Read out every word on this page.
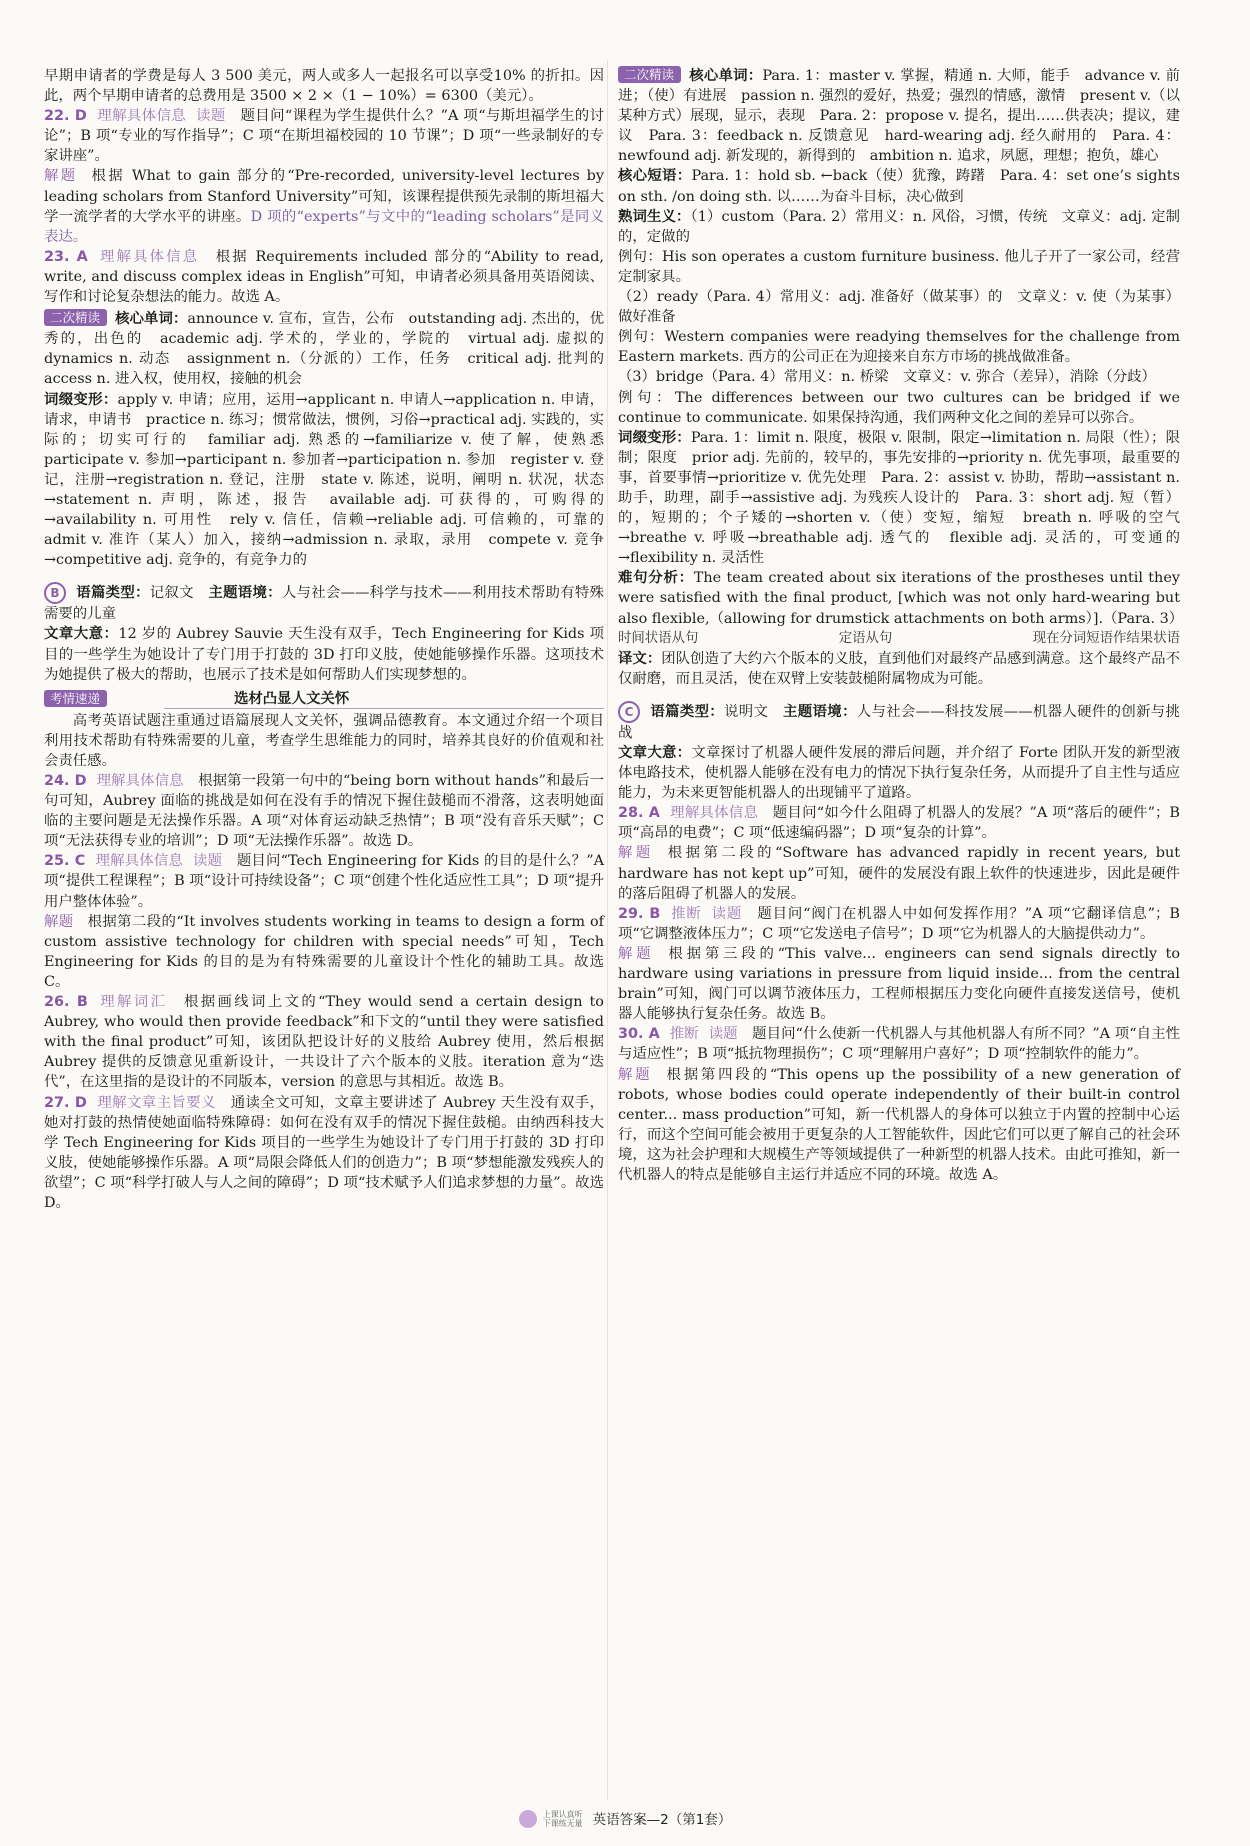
早期申请者的学费是每人 3 500 美元，两人或多人一起报名可以享受10% 的折扣。因此，两个早期申请者的总费用是 3500 × 2 ×（1 − 10%）= 6300（美元）。

22. D 理解具体信息 读题　 题目问“课程为学生提供什么？”A 项“与斯坦福学生的讨论”；B 项“专业的写作指导”；C 项“在斯坦福校园的 10 节课”；D 项“一些录制好的专家讲座”。

解题 根据 What to gain 部分的“Pre-recorded, university-level lectures by leading scholars from Stanford University”可知，该课程提供预先录制的斯坦福大学一流学者的大学水平的讲座。D 项的“experts”与文中的“leading scholars”是同义表达。

23. A 理解具体信息　 根据 Requirements included 部分的“Ability to read, write, and discuss complex ideas in English”可知，申请者必须具备用英语阅读、写作和讨论复杂想法的能力。故选 A。

二次精读 核心单词：announce v. 宣布，宣告，公布　outstanding adj. 杰出的，优秀的，出色的　academic adj. 学术的，学业的，学院的　virtual adj. 虚拟的　dynamics n. 动态　assignment n.（分派的）工作，任务　critical adj. 批判的　access n. 进入权，使用权，接触的机会

词缀变形：apply v. 申请；应用，运用→applicant n. 申请人→application n. 申请，请求，申请书　practice n. 练习；惯常做法，惯例，习俗→practical adj. 实践的，实际的；切实可行的　familiar adj. 熟悉的→familiarize v. 使了解，使熟悉　participate v. 参加→participant n. 参加者→participation n. 参加　register v. 登记，注册→registration n. 登记，注册　state v. 陈述，说明，阐明 n. 状况，状态→statement n. 声明，陈述，报告　available adj. 可获得的，可购得的→availability n. 可用性　rely v. 信任，信赖→reliable adj. 可信赖的，可靠的　admit v. 准许（某人）加入，接纳→admission n. 录取，录用　compete v. 竞争→competitive adj. 竞争的，有竞争力的

B 语篇类型：记叙文　 主题语境：人与社会——科学与技术——利用技术帮助有特殊需要的儿童

文章大意：12 岁的 Aubrey Sauvie 天生没有双手，Tech Engineering for Kids 项目的一些学生为她设计了专门用于打鼓的 3D 打印义肢，使她能够操作乐器。这项技术为她提供了极大的帮助，也展示了技术是如何帮助人们实现梦想的。

考情速递	选材凸显人文关怀

高考英语试题注重通过语篇展现人文关怀，强调品德教育。本文通过介绍一个项目利用技术帮助有特殊需要的儿童，考查学生思维能力的同时，培养其良好的价值观和社会责任感。

24. D 理解具体信息　 根据第一段第一句中的“being born without hands”和最后一句可知，Aubrey 面临的挑战是如何在没有手的情况下握住鼓槌而不滑落，这表明她面临的主要问题是无法操作乐器。A 项“对体育运动缺乏热情”；B 项“没有音乐天赋”；C 项“无法获得专业的培训”；D 项“无法操作乐器”。故选 D。

25. C 理解具体信息 读题　 题目问“Tech Engineering for Kids 的目的是什么？”A 项“提供工程课程”；B 项“设计可持续设备”；C 项“创建个性化适应性工具”；D 项“提升用户整体体验”。

解题 根据第二段的“It involves students working in teams to design a form of custom assistive technology for children with special needs”可知，Tech Engineering for Kids 的目的是为有特殊需要的儿童设计个性化的辅助工具。故选 C。

26. B 理解词汇　 根据画线词上文的“They would send a certain design to Aubrey, who would then provide feedback”和下文的“until they were satisfied with the final product”可知，该团队把设计好的义肢给 Aubrey 使用，然后根据 Aubrey 提供的反馈意见重新设计，一共设计了六个版本的义肢。iteration 意为“迭代”，在这里指的是设计的不同版本，version 的意思与其相近。故选 B。

27. D 理解文章主旨要义　 通读全文可知，文章主要讲述了 Aubrey 天生没有双手，她对打鼓的热情使她面临特殊障碍：如何在没有双手的情况下握住鼓槌。由纳西科技大学 Tech Engineering for Kids 项目的一些学生为她设计了专门用于打鼓的 3D 打印义肢，使她能够操作乐器。A 项“局限会降低人们的创造力”；B 项“梦想能激发残疾人的欲望”；C 项“科学打破人与人之间的障碍”；D 项“技术赋予人们追求梦想的力量”。故选 D。

二次精读 核心单词：Para. 1：master v. 掌握，精通 n. 大师，能手　advance v. 前进；（使）有进展　passion n. 强烈的爱好，热爱；强烈的情感，激情　present v.（以某种方式）展现，显示，表现　Para. 2：propose v. 提名，提出……供表决；提议，建议　Para. 3：feedback n. 反馈意见　hard-wearing adj. 经久耐用的　Para. 4：newfound adj. 新发现的，新得到的　ambition n. 追求，夙愿，理想；抱负，雄心

核心短语：Para. 1：hold sb. ←back（使）犹豫，踌躇　Para. 4：set one’s sights on sth. /on doing sth. 以……为奋斗目标，决心做到

熟词生义：（1）custom（Para. 2）常用义：n. 风俗，习惯，传统　文章义：adj. 定制的，定做的

例句：His son operates a custom furniture business. 他儿子开了一家公司，经营定制家具。

（2）ready（Para. 4）常用义：adj. 准备好（做某事）的　文章义：v. 使（为某事）做好准备

例句：Western companies were readying themselves for the challenge from Eastern markets. 西方的公司正在为迎接来自东方市场的挑战做准备。

（3）bridge（Para. 4）常用义：n. 桥梁　文章义：v. 弥合（差异），消除（分歧）

例句：The differences between our two cultures can be bridged if we continue to communicate. 如果保持沟通，我们两种文化之间的差异可以弥合。

词缀变形：Para. 1：limit n. 限度，极限 v. 限制，限定→limitation n. 局限（性）；限制；限度　prior adj. 先前的，较早的，事先安排的→priority n. 优先事项，最重要的事，首要事情→prioritize v. 优先处理　Para. 2：assist v. 协助，帮助→assistant n. 助手，助理，副手→assistive adj. 为残疾人设计的　Para. 3：short adj. 短（暂）的，短期的；个子矮的→shorten v.（使）变短，缩短　breath n. 呼吸的空气→breathe v. 呼吸→breathable adj. 透气的　flexible adj. 灵活的，可变通的→flexibility n. 灵活性

难句分析：The team created about six iterations of the prostheses until they were satisfied with the final product, [which was not only hard-wearing but also flexible,（allowing for drumstick attachments on both arms）].（Para. 3）

时间状语从句	定语从句	现在分词短语作结果状语

译文：团队创造了大约六个版本的义肢，直到他们对最终产品感到满意。这个最终产品不仅耐磨，而且灵活，使在双臂上安装鼓槌附属物成为可能。

C 语篇类型：说明文　 主题语境：人与社会——科技发展——机器人硬件的创新与挑战

文章大意：文章探讨了机器人硬件发展的滞后问题，并介绍了 Forte 团队开发的新型液体电路技术，使机器人能够在没有电力的情况下执行复杂任务，从而提升了自主性与适应能力，为未来更智能机器人的出现铺平了道路。

28. A 理解具体信息　 题目问“如今什么阻碍了机器人的发展？”A 项“落后的硬件”；B 项“高昂的电费”；C 项“低速编码器”；D 项“复杂的计算”。

解题 根据第二段的“Software has advanced rapidly in recent years, but hardware has not kept up”可知，硬件的发展没有跟上软件的快速进步，因此是硬件的落后阻碍了机器人的发展。

29. B 推断 读题　 题目问“阀门在机器人中如何发挥作用？”A 项“它翻译信息”；B 项“它调整液体压力”；C 项“它发送电子信号”；D 项“它为机器人的大脑提供动力”。

解题 根据第三段的“This valve... engineers can send signals directly to hardware using variations in pressure from liquid inside... from the central brain”可知，阀门可以调节液体压力，工程师根据压力变化向硬件直接发送信号，使机器人能够执行复杂任务。故选 B。

30. A 推断 读题　 题目问“什么使新一代机器人与其他机器人有所不同？”A 项“自主性与适应性”；B 项“抵抗物理损伤”；C 项“理解用户喜好”；D 项“控制软件的能力”。

解题 根据第四段的“This opens up the possibility of a new generation of robots, whose bodies could operate independently of their built-in control center... mass production”可知，新一代机器人的身体可以独立于内置的控制中心运行，而这个空间可能会被用于更复杂的人工智能软件，因此它们可以更了解自己的社会环境，这为社会护理和大规模生产等领域提供了一种新型的机器人技术。由此可推知，新一代机器人的特点是能够自主运行并适应不同的环境。故选 A。

上课认真听
下课练无量 英语答案—2（第1套）
